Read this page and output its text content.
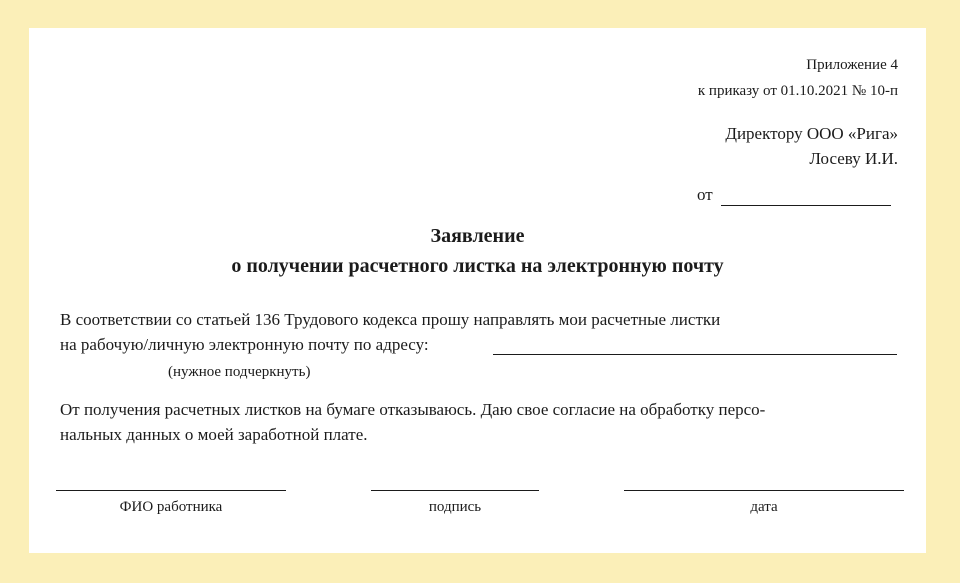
Приложение 4
к приказу от 01.10.2021 № 10-п
Директору ООО «Рига»
Лосеву И.И.
от
Заявление
о получении расчетного листка на электронную почту
В соответствии со статьей 136 Трудового кодекса прошу направлять мои расчетные листки
на рабочую/личную электронную почту по адресу:
(нужное подчеркнуть)
От получения расчетных листков на бумаге отказываюсь. Даю свое согласие на обработку персо-
нальных данных о моей заработной плате.
ФИО работника	подпись	дата
